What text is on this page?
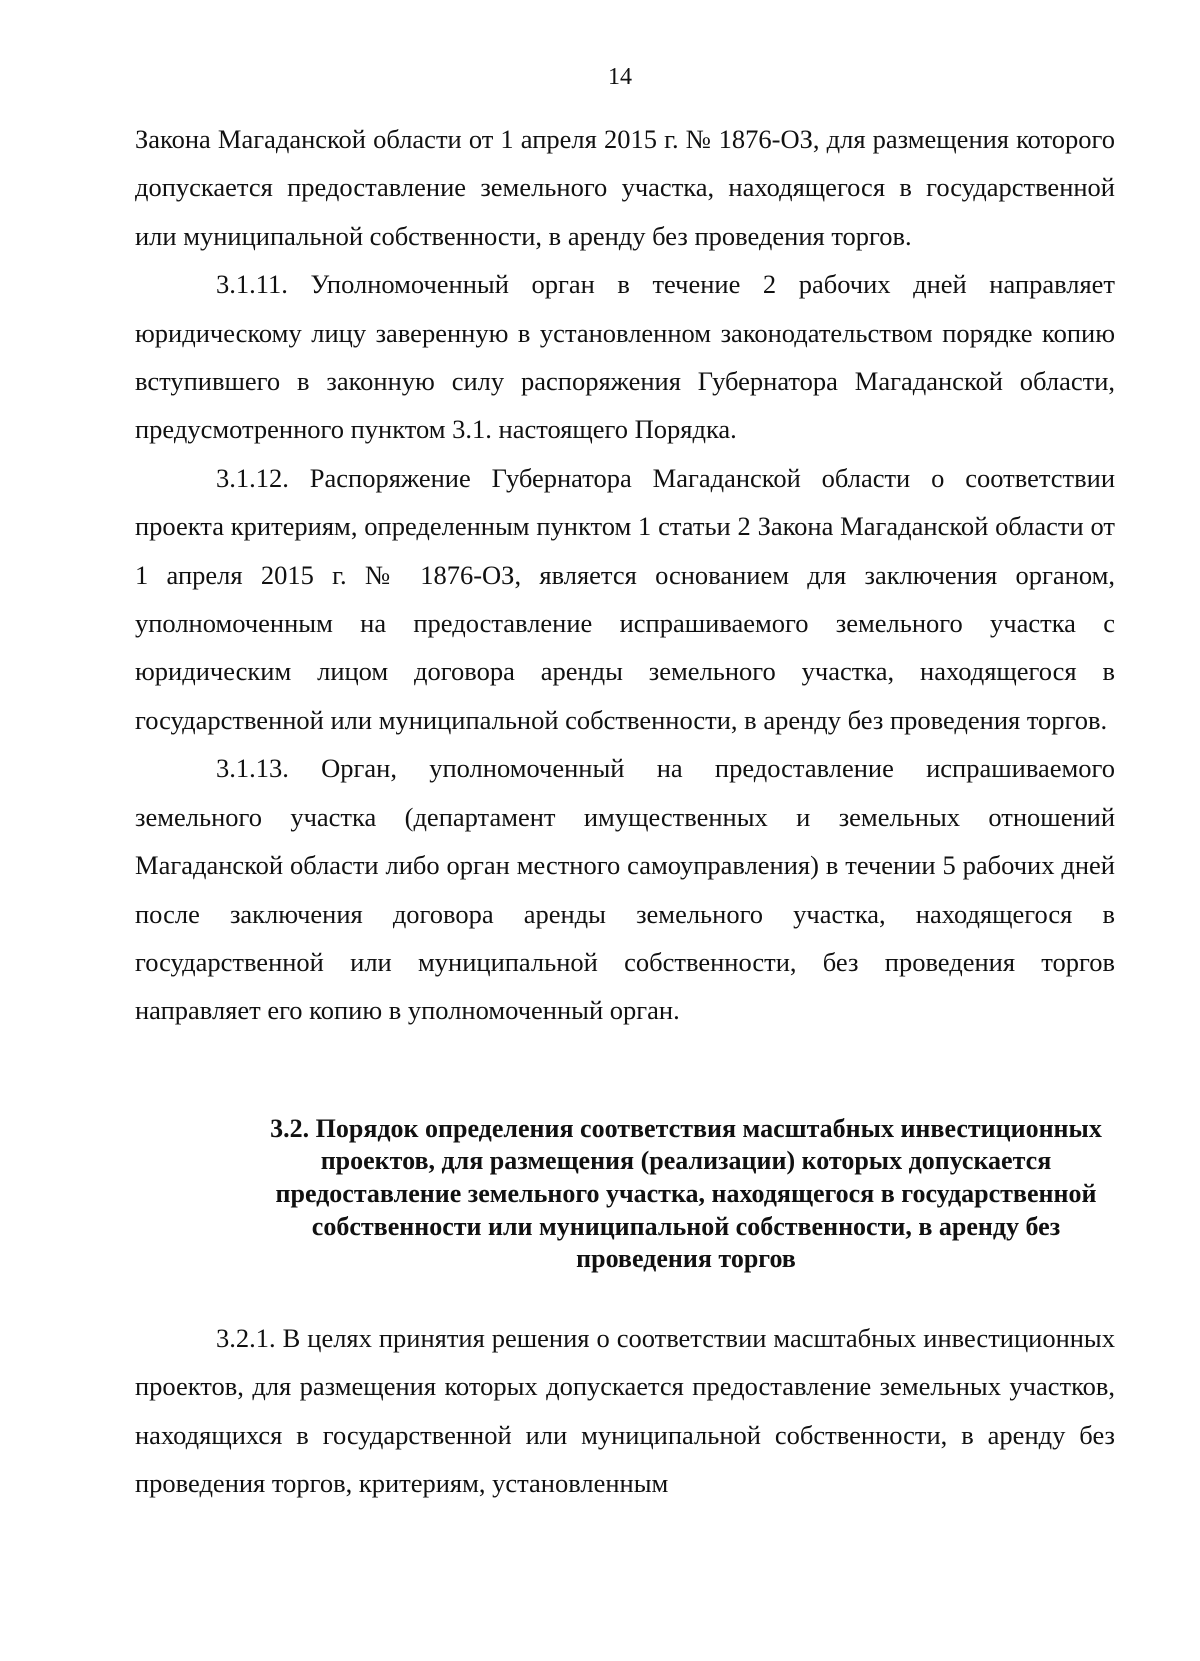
14

Закона Магаданской области от 1 апреля 2015 г. № 1876-ОЗ, для размещения которого допускается предоставление земельного участка, находящегося в государственной или муниципальной собственности, в аренду без проведения торгов.

3.1.11. Уполномоченный орган в течение 2 рабочих дней направляет юридическому лицу заверенную в установленном законодательством порядке копию вступившего в законную силу распоряжения Губернатора Магаданской области, предусмотренного пунктом 3.1. настоящего Порядка.

3.1.12. Распоряжение Губернатора Магаданской области о соответствии проекта критериям, определенным пунктом 1 статьи 2 Закона Магаданской области от 1 апреля 2015 г. № 1876-ОЗ, является основанием для заключения органом, уполномоченным на предоставление испрашиваемого земельного участка с юридическим лицом договора аренды земельного участка, находящегося в государственной или муниципальной собственности, в аренду без проведения торгов.

3.1.13. Орган, уполномоченный на предоставление испрашиваемого земельного участка (департамент имущественных и земельных отношений Магаданской области либо орган местного самоуправления) в течении 5 рабочих дней после заключения договора аренды земельного участка, находящегося в государственной или муниципальной собственности, без проведения торгов направляет его копию в уполномоченный орган.

3.2. Порядок определения соответствия масштабных инвестиционных проектов, для размещения (реализации) которых допускается предоставление земельного участка, находящегося в государственной собственности или муниципальной собственности, в аренду без проведения торгов

3.2.1. В целях принятия решения о соответствии масштабных инвестиционных проектов, для размещения которых допускается предоставление земельных участков, находящихся в государственной или муниципальной собственности, в аренду без проведения торгов, критериям, установленным
